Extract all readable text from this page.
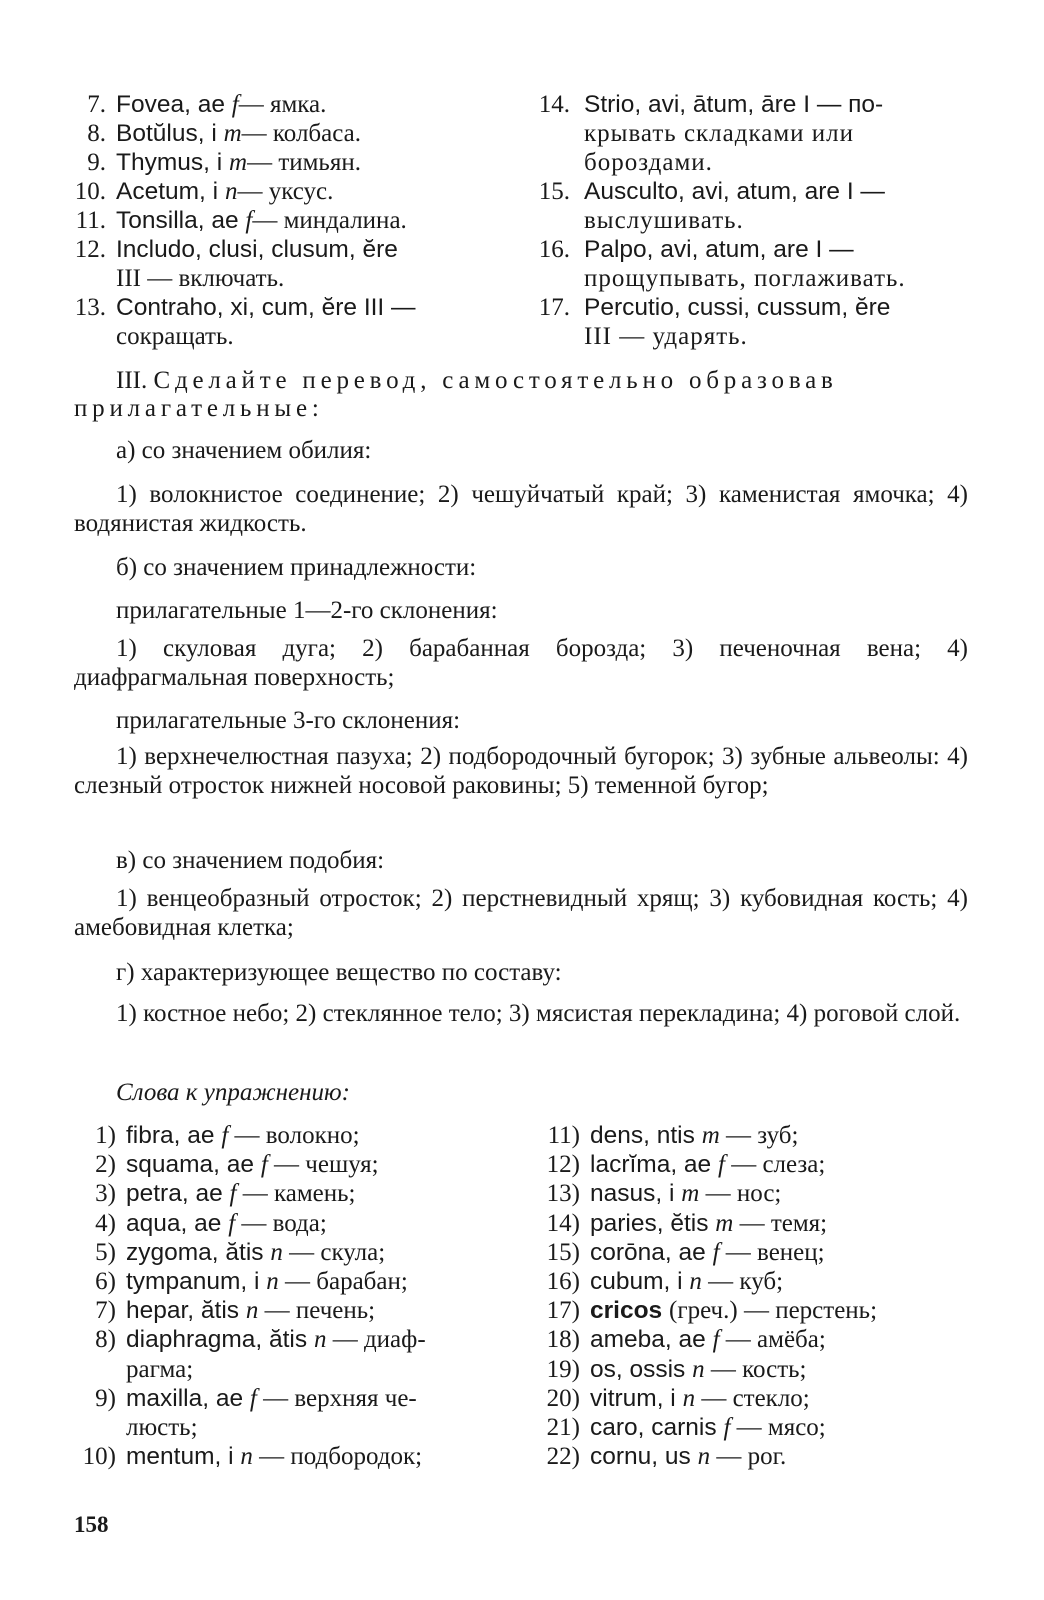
7. Fovea, ae f— ямка.
8. Botŭlus, i m— колбаса.
9. Thymus, i m— тимьян.
10. Acetum, i n— уксус.
11. Tonsilla, ae f— миндалина.
12. Includo, clusi, clusum, ĕre
III — включать.
13. Contraho, xi, cum, ĕre III —
сокращать.
14. Strio, avi, ātum, āre I — по-
крывать складками или бороздами.
15. Ausculto, avi, atum, are I —
выслушивать.
16. Palpo, avi, atum, are I —
прощупывать, поглаживать.
17. Percutio, cussi, cussum, ĕre
III — ударять.
III. Сделайте перевод, самостоятельно образовав
прилагательные:
а) со значением обилия:
1) волокнистое соединение; 2) чешуйчатый край; 3) каменистая ямочка; 4) водянистая жидкость.
б) со значением принадлежности:
прилагательные 1—2-го склонения:
1) скуловая дуга; 2) барабанная борозда; 3) печеночная вена; 4) диафрагмальная поверхность;
прилагательные 3-го склонения:
1) верхнечелюстная пазуха; 2) подбородочный бугорок; 3) зубные альвеолы: 4) слезный отросток нижней носовой раковины; 5) теменной бугор;
в) со значением подобия:
1) венцеобразный отросток; 2) перстневидный хрящ; 3) кубовидная кость; 4) амебовидная клетка;
г) характеризующее вещество по составу:
1) костное небо; 2) стеклянное тело; 3) мясистая перекладина; 4) роговой слой.
Слова к упражнению:
1) fibra, ae f — волокно;
2) squama, ae f — чешуя;
3) petra, ae f — камень;
4) aqua, ae f — вода;
5) zygoma, ătis n — скула;
6) tympanum, i n — барабан;
7) hepar, ătis n — печень;
8) diaphragma, ătis n — диаф-
рагма;
9) maxilla, ae f — верхняя че-
люсть;
10) mentum, i n — подбородок;
11) dens, ntis m — зуб;
12) lacrĭma, ae f — слеза;
13) nasus, i m — нос;
14) paries, ĕtis m — темя;
15) corōna, ae f — венец;
16) cubum, i n — куб;
17) cricos (греч.) — перстень;
18) ameba, ae f — амёба;
19) os, ossis n — кость;
20) vitrum, i n — стекло;
21) caro, carnis f — мясо;
22) cornu, us n — рог.
158
